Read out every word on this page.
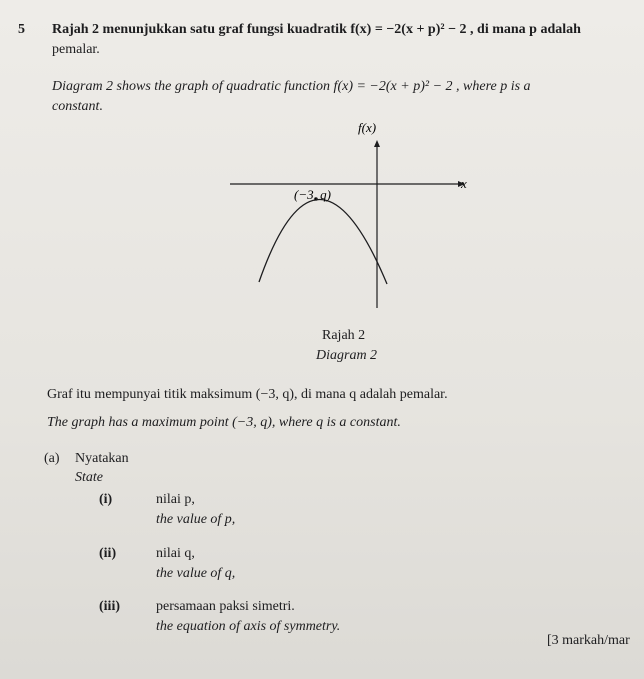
5 Rajah 2 menunjukkan satu graf fungsi kuadratik f(x) = −2(x + p)² − 2 , di mana p adalah
pemalar.
Diagram 2 shows the graph of quadratic function f(x) = −2(x + p)² − 2 , where p is a
constant.
f(x)
x
(−3, q)
Rajah 2
Diagram 2
Graf itu mempunyai titik maksimum (−3, q), di mana q adalah pemalar.
The graph has a maximum point (−3, q), where q is a constant.
(a) Nyatakan
State
(i)	nilai p,
the value of p,
(ii)	nilai q,
the value of q,
(iii)	persamaan paksi simetri.
the equation of axis of symmetry.
[3 markah/mar
